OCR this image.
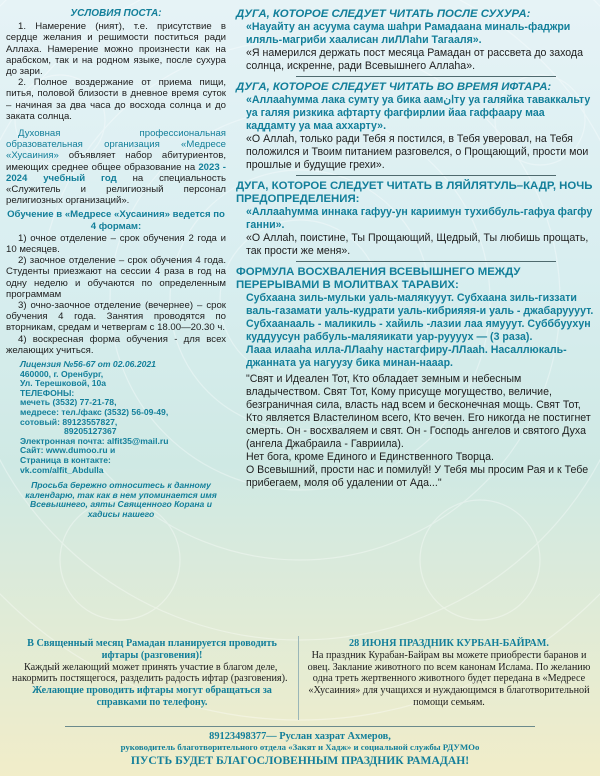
УСЛОВИЯ ПОСТА:

1. Намерение (ният), т.е. присутствие в сердце желания и решимости поститься ради Аллаха. Намерение можно произнести как на арабском, так и на родном языке, после сухура до зари.

2. Полное воздержание от приема пищи, питья, половой близости в дневное время суток – начиная за два часа до восхода солнца и до заката солнца.

Духовная профессиональная образовательная организация «Медресе «Хусаиния» объявляет набор абитуриентов, имеющих среднее общее образование на 2023 - 2024 учебный год на специальность «Служитель и религиозный персонал религиозных организаций».

Обучение в «Медресе «Хусаиния» ведется по 4 формам:

1) очное отделение – срок обучения 2 года и 10 месяцев.

2) заочное отделение – срок обучения 4 года. Студенты приезжают на сессии 4 раза в год на одну неделю и обучаются по определенным программам

3) очно-заочное отделение (вечернее) – срок обучения 4 года. Занятия проводятся по вторникам, средам и четвергам с 18.00—20.30 ч.

4) воскресная форма обучения - для всех желающих учиться.

Лицензия №56-67 от 02.06.2021

460000, г. Оренбург,

Ул. Терешковой, 10а

ТЕЛЕФОНЫ:

мечеть (3532) 77-21-78,

медресе: тел./факс (3532) 56-09-49,

сотовый: 89123557827,

89205127367

Электронная почта: alfit35@mail.ru

Сайт: www.dumoo.ru и

Страница в контакте:

vk.com/alfit_Abdulla

Просьба бережно относитесь к данному календарю, так как в нем упоминается имя Всевышнего, аяты Священного Корана и хадисы нашего

ДУГА, КОТОРОЕ СЛЕДУЕТ ЧИТАТЬ ПОСЛЕ СУХУРА:

«Науайту ан асуума саума шаhри Рамадаана миналь-фаджри иляль-магриби хаалисан лиЛЛаhи Тагааля».

«Я намерился держать пост месяца Рамадан от рассвета до захода солнца, искренне, ради Всевышнего Аллаhа».

ДУГА, КОТОРОЕ СЛЕДУЕТ ЧИТАТЬ ВО ВРЕМЯ ИФТАРА:

«Аллааhумма лака сумту уа бика аамانту уа галяйка таваккальту уа галяя ризкика афтарту фагфирлии йаа гаффаару маа каддамту уа маа аххарту».

«О Аллаh, только ради Тебя я постился, в Тебя уверовал, на Тебя положился и Твоим питанием разговелся, о Прощающий, прости мои прошлые и будущие грехи».

ДУГА, КОТОРОЕ СЛЕДУЕТ ЧИТАТЬ В ЛЯЙЛЯТУЛЬ–КАДР, НОЧЬ ПРЕДОПРЕДЕЛЕНИЯ:

«Аллааhумма иннака гафуу-ун кариимун тухиббуль-гафуа фагфу ганни».

«О Аллаh, поистине, Ты Прощающий, Щедрый, Ты любишь прощать, так прости же меня».

ФОРМУЛА ВОСХВАЛЕНИЯ ВСЕВЫШНЕГО МЕЖДУ ПЕРЕРЫВАМИ В МОЛИТВАХ ТАРАВИХ:

Субхаана зиль-мульки уаль-малякууут. Субхаана зиль-гиззати валь-газамати уаль-кудрати уаль-кибрияяя-и уаль - джабаруууут. Субхаанааль - маликиль - хайиль -лазии лаа ямууут. Субббуухун куддуусун раббуль-маляяикати уар-руууух — (3 раза).

Лааа илааhа илла-ЛЛааhу настагфиру-ЛЛааh. Насаллюкаль-джанната уа нагуузу бика минан-нааар.

"Свят и Идеален Тот, Кто обладает земным и небесным владычеством. Свят Тот, Кому присуще могущество, величие, безграничная сила, власть над всем и бесконечная мощь. Свят Тот, Кто является Властелином всего, Кто вечен. Его никогда не постигнет смерть. Он - восхваляем и свят. Он - Господь ангелов и святого Духа (ангела Джабраила - Гавриила).

Нет бога, кроме Единого и Единственного Творца.

О Всевышний, прости нас и помилуй! У Тебя мы просим Рая и к Тебе прибегаем, моля об удалении от Ада..."

В Священный месяц Рамадан планируется проводить ифтары (разговения)!

Каждый желающий может принять участие в благом деле, накормить постящегося, разделить радость ифтар (разговения).

Желающие проводить ифтары могут обращаться за справками по телефону.

28 ИЮНЯ ПРАЗДНИК КУРБАН-БАЙРАМ.

На праздник Курабан-Байрам вы можете приобрести баранов и овец. Заклание животного по всем канонам Ислама. По желанию одна треть жертвенного животного будет передана в «Медресе «Хусаиния» для учащихся и нуждающимся в благотворительной помощи семьям.

89123498377— Руслан хазрат Ахмеров,

руководитель благотворительного отдела «Закят и Хадж» и социальной службы РДУМОо

ПУСТЬ БУДЕТ БЛАГОСЛОВЕННЫМ ПРАЗДНИК РАМАДАН!
